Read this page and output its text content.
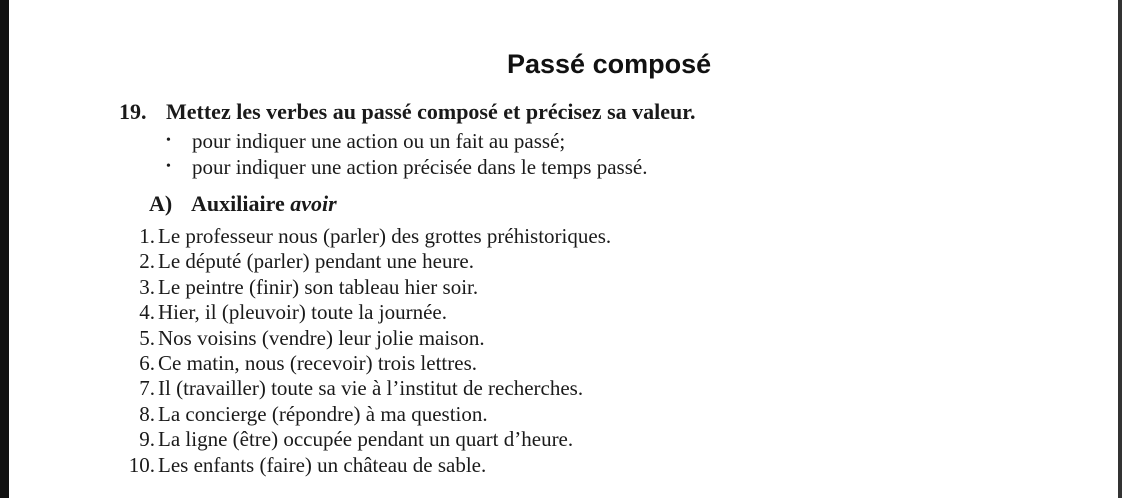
Passé composé
19. Mettez les verbes au passé composé et précisez sa valeur.
• pour indiquer une action ou un fait au passé;
• pour indiquer une action précisée dans le temps passé.
A) Auxiliaire avoir
1. Le professeur nous (parler) des grottes préhistoriques.
2. Le député (parler) pendant une heure.
3. Le peintre (finir) son tableau hier soir.
4. Hier, il (pleuvoir) toute la journée.
5. Nos voisins (vendre) leur jolie maison.
6. Ce matin, nous (recevoir) trois lettres.
7. Il (travailler) toute sa vie à l’institut de recherches.
8. La concierge (répondre) à ma question.
9. La ligne (être) occupée pendant un quart d’heure.
10. Les enfants (faire) un château de sable.
